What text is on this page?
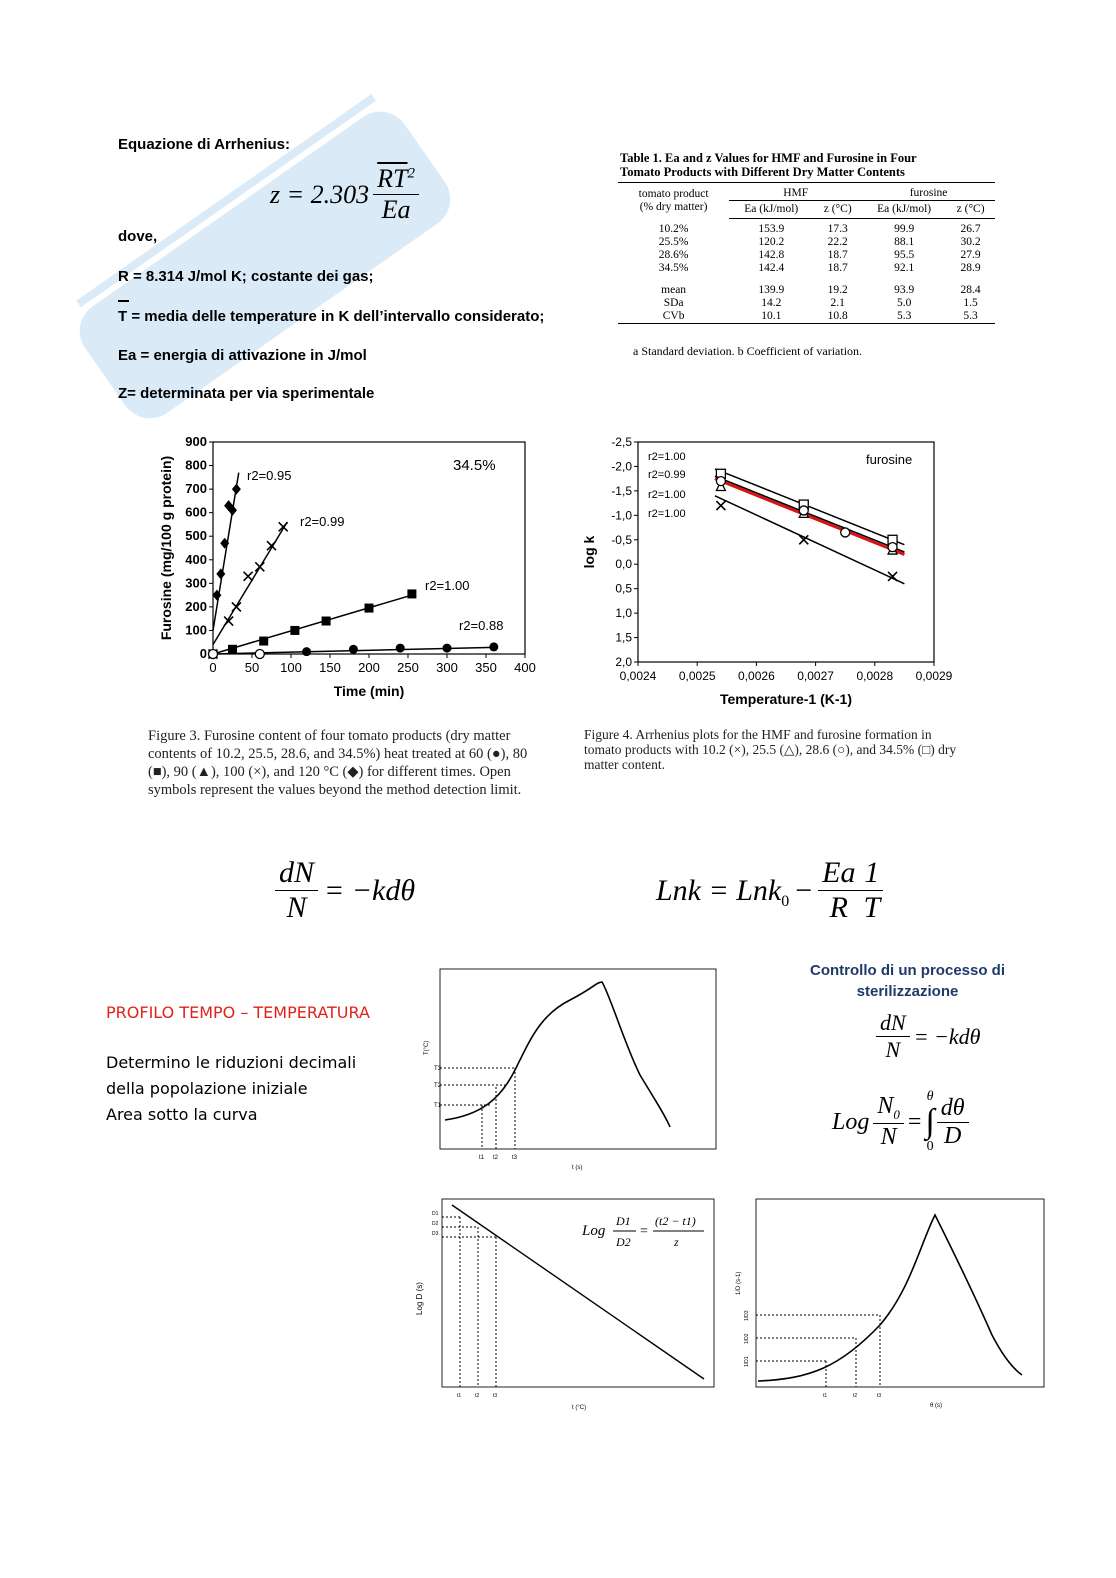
Equazione di Arrhenius:
$z = 2.303 \frac{\overline{RT}^2}{Ea}$
dove,
R = 8.314 J/mol K; costante dei gas;
T = media delle temperature in K dell’intervallo considerato;
Ea = energia di attivazione in J/mol
Z= determinata per via sperimentale
Table 1. Ea and z Values for HMF and Furosine in Four
Tomato Products with Different Dry Matter Contents
tomato product
(% dry matter)	HMF		furosine	
	Ea (kJ/mol)	z (°C)	Ea (kJ/mol)	z (°C)
10.2%	153.9	17.3	99.9	26.7
25.5%	120.2	22.2	88.1	30.2
28.6%	142.8	18.7	95.5	27.9
34.5%	142.4	18.7	92.1	28.9
mean	139.9	19.2	93.9	28.4
SDa	14.2	2.1	5.0	1.5
CVb	10.1	10.8	5.3	5.3
a Standard deviation. b Coefficient of variation.
0
100
200
300
400
500
600
700
800
900
0 50 100 150 200 250 300 350 400
Time (min)
Furosine (mg/100 g protein)	34.5%
r2=0.95
r2=0.99
r2=1.00
r2=0.88
Figure 3. Furosine content of four tomato products (dry matter contents of 10.2, 25.5, 28.6, and 34.5%) heat treated at 60 (●), 80 (■), 90 (▲), 100 (×), and 120 °C (◆) for different times. Open symbols represent the values beyond the method detection limit.
2,0
1,5
1,0
0,5
0,0
-0,5
-1,0
-1,5
-2,0
-2,5
0,0024 0,0025 0,0026 0,0027 0,0028 0,0029
Temperature-1 (K-1)
log k
furosine
r2=1.00
r2=0.99
r2=1.00
r2=1.00
Figure 4. Arrhenius plots for the HMF and furosine formation in tomato products with 10.2 (×), 25.5 (△), 28.6 (○), and 34.5% (□) dry matter content.
$\frac{dN}{N} = -kd\theta$	Lnk = $Lnk_0 - \frac{Ea}{R} \frac{1}{T}$
PROFILO TEMPO – TEMPERATURA
Determino le riduzioni decimali
della popolazione iniziale
Area sotto la curva
T(°C)
T3
T2
T1
t1 t2 t3
t (s)
Controllo di un processo di
sterilizzazione
$\frac{dN}{N} = -kd\theta$
Log $\frac{N_0}{N}$ =
θ
∫
$0 \frac{d\theta}{D}$
Log D (s)
D1
D2
D3
t1	t2	t3
t (°C)
Log
D1
D2
=
(t2 − t1)
z
1/D (s-1)
1/D3
1/D2
1/D1
t1	t2	t3
θ (s)
